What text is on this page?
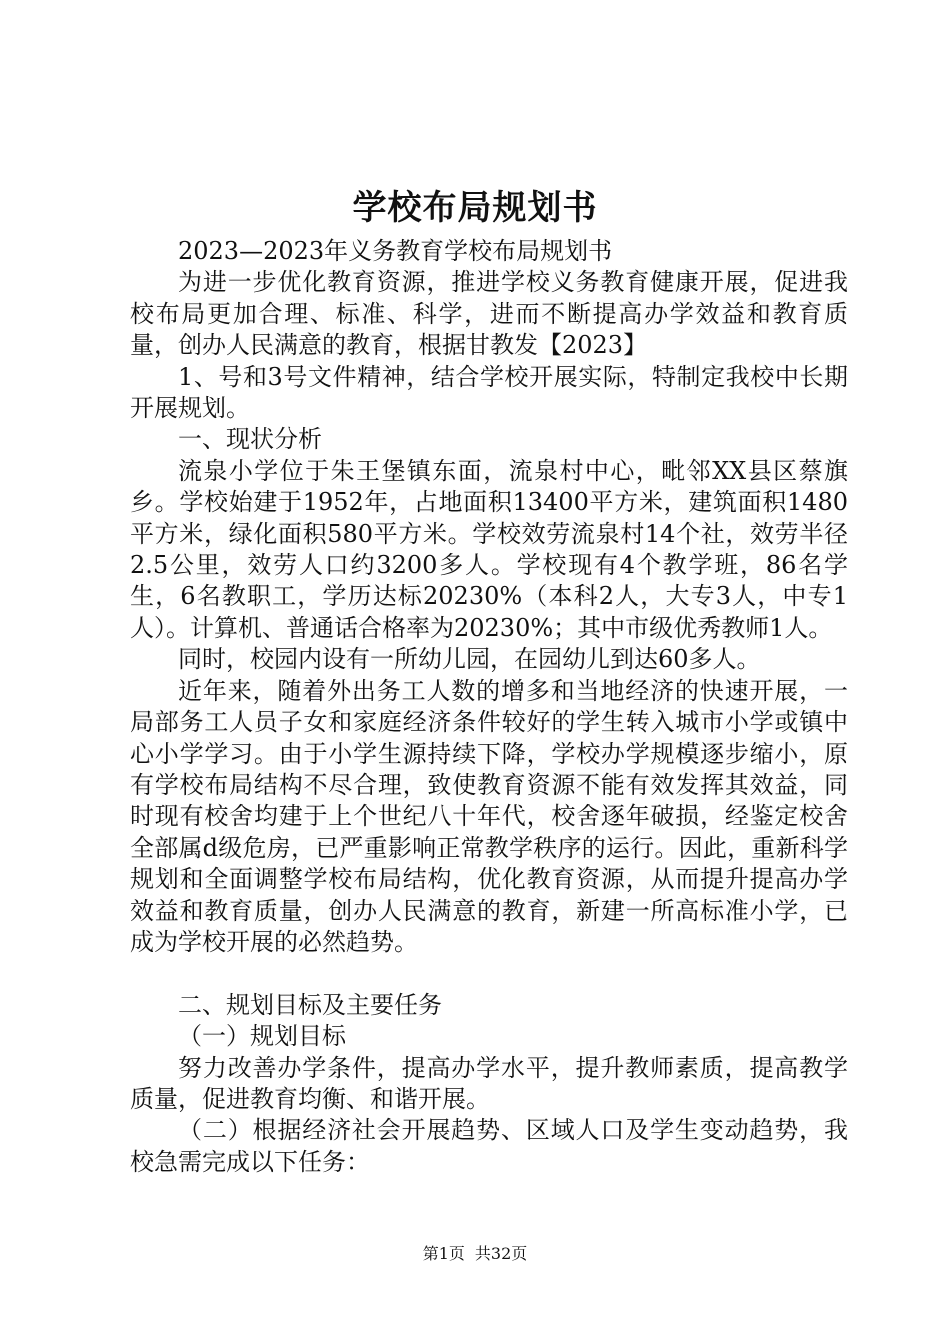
学校布局规划书

2023—2023年义务教育学校布局规划书

为进一步优化教育资源，推进学校义务教育健康开展，促进我校布局更加合理、标准、科学，进而不断提高办学效益和教育质量，创办人民满意的教育，根据甘教发【2023】

1、号和3号文件精神，结合学校开展实际，特制定我校中长期开展规划。

一、现状分析

流泉小学位于朱王堡镇东面，流泉村中心，毗邻XX县区蔡旗乡。学校始建于1952年，占地面积13400平方米，建筑面积1480平方米，绿化面积580平方米。学校效劳流泉村14个社，效劳半径2.5公里，效劳人口约3200多人。学校现有4个教学班，86名学生，6名教职工，学历达标20230%（本科2人，大专3人，中专1人）。计算机、普通话合格率为20230%；其中市级优秀教师1人。

同时，校园内设有一所幼儿园，在园幼儿到达60多人。

近年来，随着外出务工人数的增多和当地经济的快速开展，一局部务工人员子女和家庭经济条件较好的学生转入城市小学或镇中心小学学习。由于小学生源持续下降，学校办学规模逐步缩小，原有学校布局结构不尽合理，致使教育资源不能有效发挥其效益，同时现有校舍均建于上个世纪八十年代，校舍逐年破损，经鉴定校舍全部属d级危房，已严重影响正常教学秩序的运行。因此，重新科学规划和全面调整学校布局结构，优化教育资源，从而提升提高办学效益和教育质量，创办人民满意的教育，新建一所高标准小学，已成为学校开展的必然趋势。

二、规划目标及主要任务

（一）规划目标

努力改善办学条件，提高办学水平，提升教师素质，提高教学质量，促进教育均衡、和谐开展。

（二）根据经济社会开展趋势、区域人口及学生变动趋势，我校急需完成以下任务：

第1页 共32页
